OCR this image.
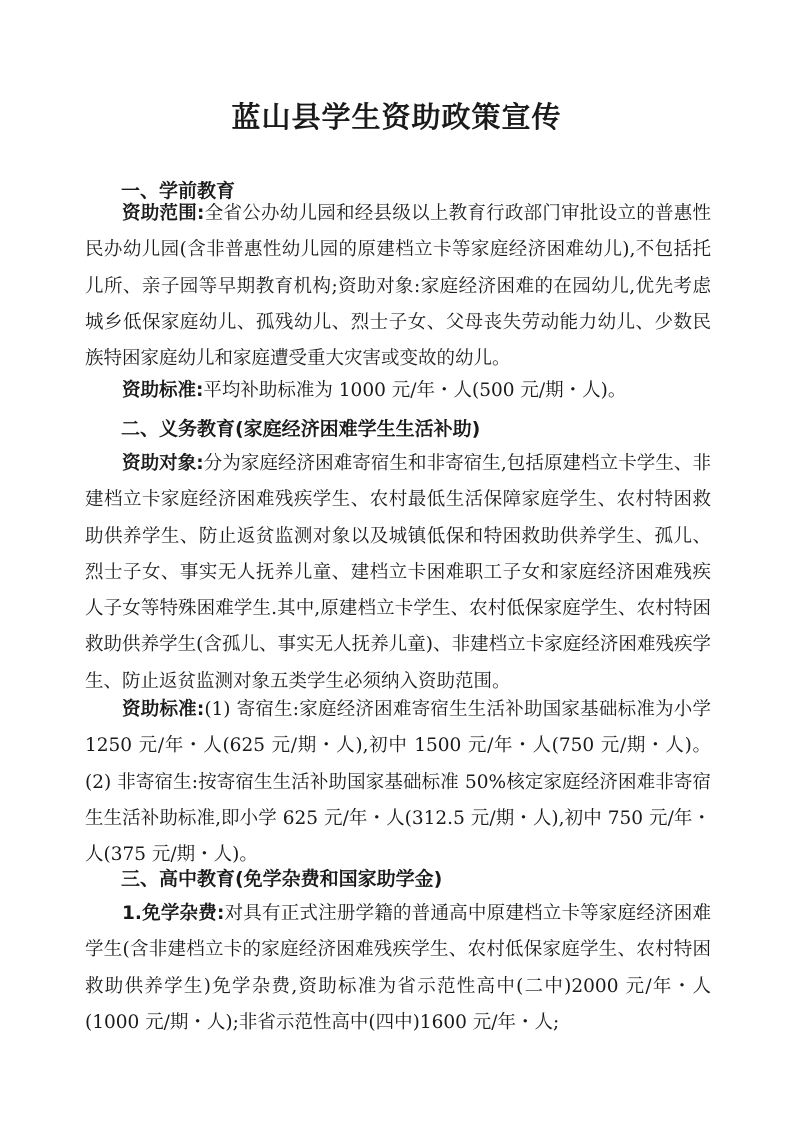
蓝山县学生资助政策宣传
一、学前教育

资助范围:全省公办幼儿园和经县级以上教育行政部门审批设立的普惠性民办幼儿园(含非普惠性幼儿园的原建档立卡等家庭经济困难幼儿),不包括托儿所、亲子园等早期教育机构;资助对象:家庭经济困难的在园幼儿,优先考虑城乡低保家庭幼儿、孤残幼儿、烈士子女、父母丧失劳动能力幼儿、少数民族特困家庭幼儿和家庭遭受重大灾害或变故的幼儿。

资助标准:平均补助标准为 1000 元/年・人(500 元/期・人)。

二、义务教育(家庭经济困难学生生活补助)

资助对象:分为家庭经济困难寄宿生和非寄宿生,包括原建档立卡学生、非建档立卡家庭经济困难残疾学生、农村最低生活保障家庭学生、农村特困救助供养学生、防止返贫监测对象以及城镇低保和特困救助供养学生、孤儿、烈士子女、事实无人抚养儿童、建档立卡困难职工子女和家庭经济困难残疾人子女等特殊困难学生.其中,原建档立卡学生、农村低保家庭学生、农村特困救助供养学生(含孤儿、事实无人抚养儿童)、非建档立卡家庭经济困难残疾学生、防止返贫监测对象五类学生必须纳入资助范围。

资助标准:(1) 寄宿生:家庭经济困难寄宿生生活补助国家基础标准为小学 1250 元/年・人(625 元/期・人),初中 1500 元/年・人(750 元/期・人)。(2) 非寄宿生:按寄宿生生活补助国家基础标准 50%核定家庭经济困难非寄宿生生活补助标准,即小学 625 元/年・人(312.5 元/期・人),初中 750 元/年・人(375 元/期・人)。

三、高中教育(免学杂费和国家助学金)

1.免学杂费:对具有正式注册学籍的普通高中原建档立卡等家庭经济困难学生(含非建档立卡的家庭经济困难残疾学生、农村低保家庭学生、农村特困救助供养学生)免学杂费,资助标准为省示范性高中(二中)2000 元/年・人(1000 元/期・人);非省示范性高中(四中)1600 元/年・人;
